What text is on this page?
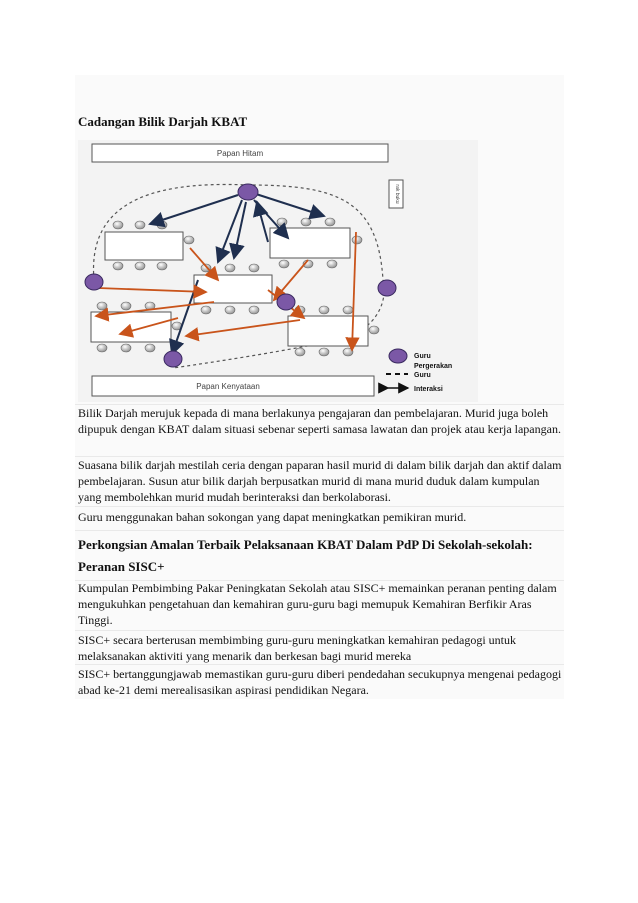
Cadangan Bilik Darjah KBAT
Papan Hitam
rak buku
Papan Kenyataan
Guru
Pergerakan
Guru
Interaksi

Bilik Darjah merujuk kepada di mana berlakunya pengajaran dan pembelajaran. Murid juga boleh dipupuk dengan KBAT dalam situasi sebenar seperti samasa lawatan dan projek atau kerja lapangan.

Suasana bilik darjah mestilah ceria dengan paparan hasil murid di dalam bilik darjah dan aktif dalam pembelajaran. Susun atur bilik darjah berpusatkan murid di mana murid duduk dalam kumpulan yang membolehkan murid mudah berinteraksi dan berkolaborasi.

Guru menggunakan bahan sokongan yang dapat meningkatkan pemikiran murid.

Perkongsian Amalan Terbaik Pelaksanaan KBAT Dalam PdP Di Sekolah-sekolah:

Peranan SISC+

Kumpulan Pembimbing Pakar Peningkatan Sekolah atau SISC+ memainkan peranan penting dalam mengukuhkan pengetahuan dan kemahiran guru-guru bagi memupuk Kemahiran Berfikir Aras Tinggi.

SISC+ secara berterusan membimbing guru-guru meningkatkan kemahiran pedagogi untuk melaksanakan aktiviti yang menarik dan berkesan bagi murid mereka

SISC+ bertanggungjawab memastikan guru-guru diberi pendedahan secukupnya mengenai pedagogi abad ke-21 demi merealisasikan aspirasi pendidikan Negara.
